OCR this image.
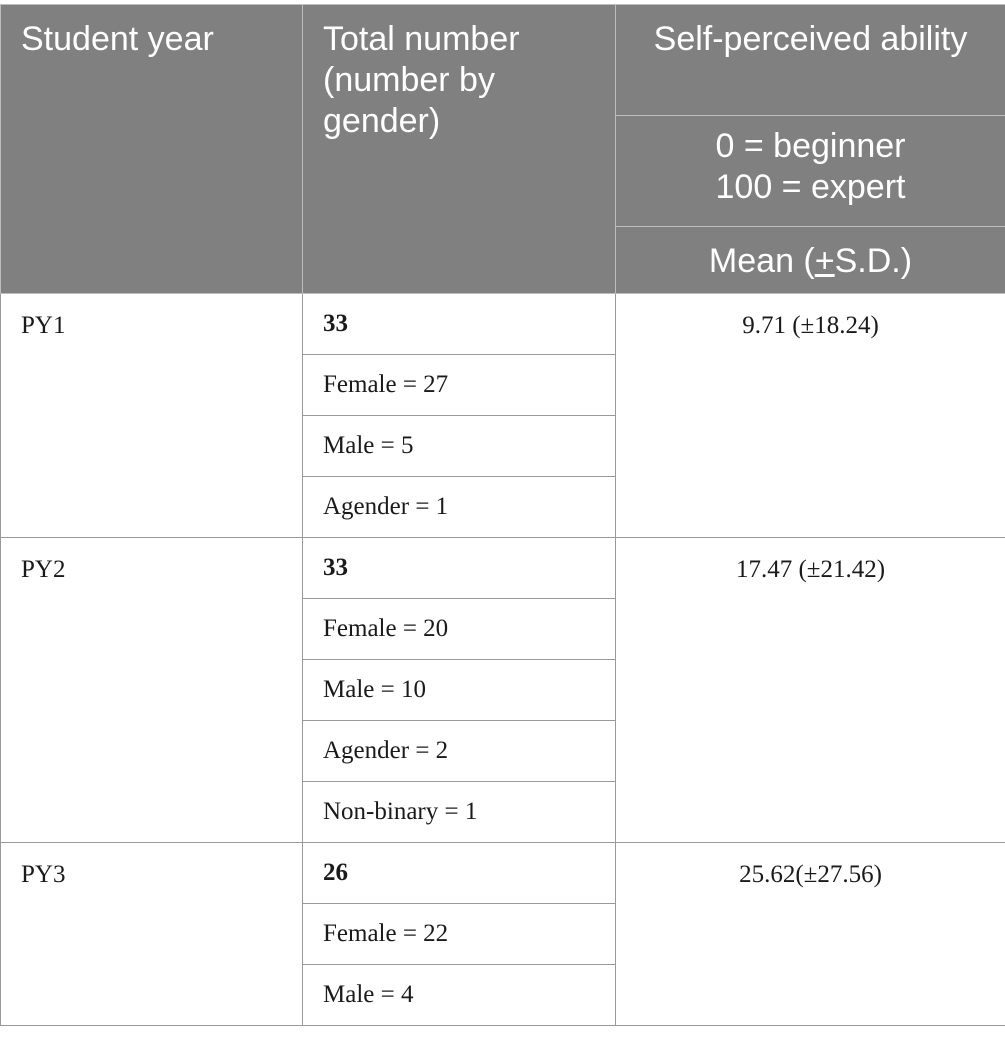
Student year	Total number (number by gender)	Self-perceived ability

		0 = beginner
100 = expert

		Mean (+S.D.)
PY1	33	9.71 (±18.24)
	Female = 27	
	Male = 5	
	Agender = 1	
PY2	33	17.47 (±21.42)
	Female = 20	
	Male = 10	
	Agender = 2	
	Non-binary = 1	
PY3	26	25.62(±27.56)
	Female = 22	
	Male = 4	
